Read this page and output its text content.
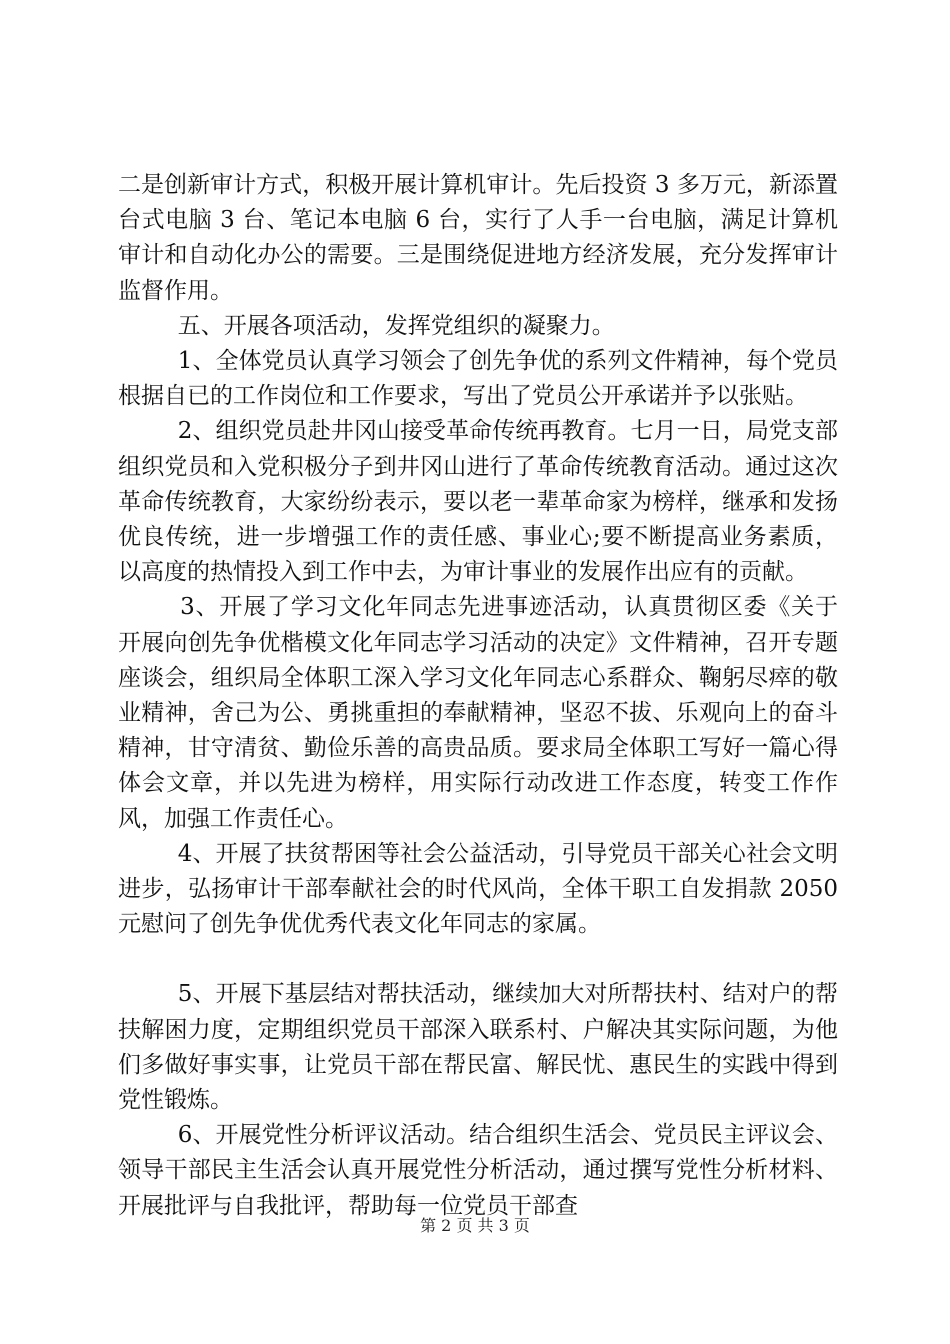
二是创新审计方式，积极开展计算机审计。先后投资 3 多万元，新添置台式电脑 3 台、笔记本电脑 6 台，实行了人手一台电脑，满足计算机审计和自动化办公的需要。三是围绕促进地方经济发展，充分发挥审计监督作用。

五、开展各项活动，发挥党组织的凝聚力。

1、全体党员认真学习领会了创先争优的系列文件精神，每个党员根据自已的工作岗位和工作要求，写出了党员公开承诺并予以张贴。

2、组织党员赴井冈山接受革命传统再教育。七月一日，局党支部组织党员和入党积极分子到井冈山进行了革命传统教育活动。通过这次革命传统教育，大家纷纷表示，要以老一辈革命家为榜样，继承和发扬优良传统，进一步增强工作的责任感、事业心;要不断提高业务素质，以高度的热情投入到工作中去，为审计事业的发展作出应有的贡献。

3、开展了学习文化年同志先进事迹活动，认真贯彻区委《关于开展向创先争优楷模文化年同志学习活动的决定》文件精神，召开专题座谈会，组织局全体职工深入学习文化年同志心系群众、鞠躬尽瘁的敬业精神，舍己为公、勇挑重担的奉献精神，坚忍不拔、乐观向上的奋斗精神，甘守清贫、勤俭乐善的高贵品质。要求局全体职工写好一篇心得体会文章，并以先进为榜样，用实际行动改进工作态度，转变工作作风，加强工作责任心。

4、开展了扶贫帮困等社会公益活动，引导党员干部关心社会文明进步，弘扬审计干部奉献社会的时代风尚，全体干职工自发捐款 2050 元慰问了创先争优优秀代表文化年同志的家属。

5、开展下基层结对帮扶活动，继续加大对所帮扶村、结对户的帮扶解困力度，定期组织党员干部深入联系村、户解决其实际问题，为他们多做好事实事，让党员干部在帮民富、解民忧、惠民生的实践中得到党性锻炼。

6、开展党性分析评议活动。结合组织生活会、党员民主评议会、领导干部民主生活会认真开展党性分析活动，通过撰写党性分析材料、开展批评与自我批评，帮助每一位党员干部查

第 2 页 共 3 页
